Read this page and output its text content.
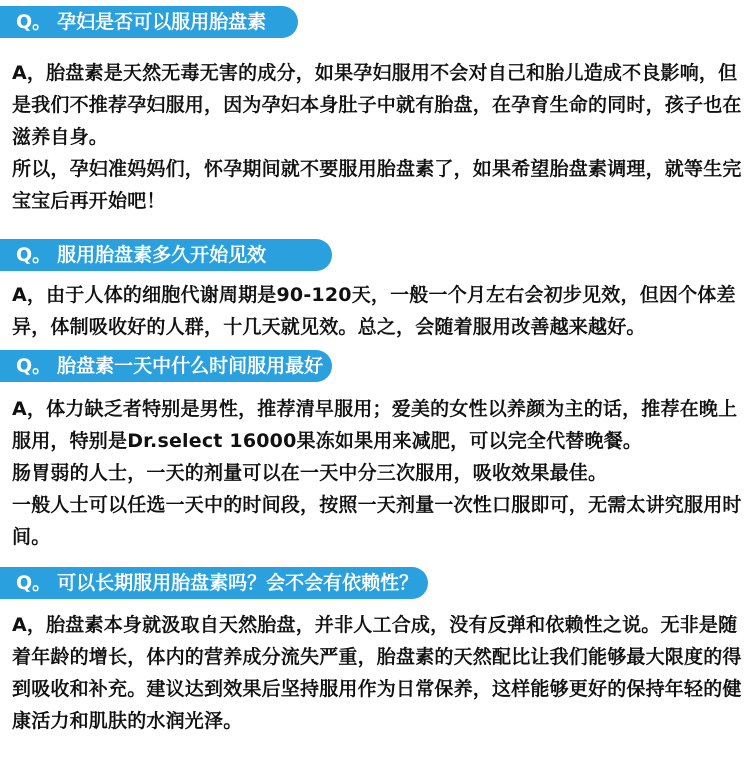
Q。 孕妇是否可以服用胎盘素

A，胎盘素是天然无毒无害的成分，如果孕妇服用不会对自己和胎儿造成不良影响，但是我们不推荐孕妇服用，因为孕妇本身肚子中就有胎盘，在孕育生命的同时，孩子也在滋养自身。

所以，孕妇准妈妈们，怀孕期间就不要服用胎盘素了，如果希望胎盘素调理，就等生完宝宝后再开始吧！

Q。 服用胎盘素多久开始见效

A，由于人体的细胞代谢周期是90-120天，一般一个月左右会初步见效，但因个体差异，体制吸收好的人群，十几天就见效。总之，会随着服用改善越来越好。

Q。 胎盘素一天中什么时间服用最好

A，体力缺乏者特别是男性，推荐清早服用；爱美的女性以养颜为主的话，推荐在晚上服用，特别是Dr.select 16000果冻如果用来减肥，可以完全代替晚餐。

肠胃弱的人士，一天的剂量可以在一天中分三次服用，吸收效果最佳。

一般人士可以任选一天中的时间段，按照一天剂量一次性口服即可，无需太讲究服用时间。

Q。 可以长期服用胎盘素吗？会不会有依赖性？

A，胎盘素本身就汲取自天然胎盘，并非人工合成，没有反弹和依赖性之说。无非是随着年龄的增长，体内的营养成分流失严重，胎盘素的天然配比让我们能够最大限度的得到吸收和补充。建议达到效果后坚持服用作为日常保养，这样能够更好的保持年轻的健康活力和肌肤的水润光泽。
